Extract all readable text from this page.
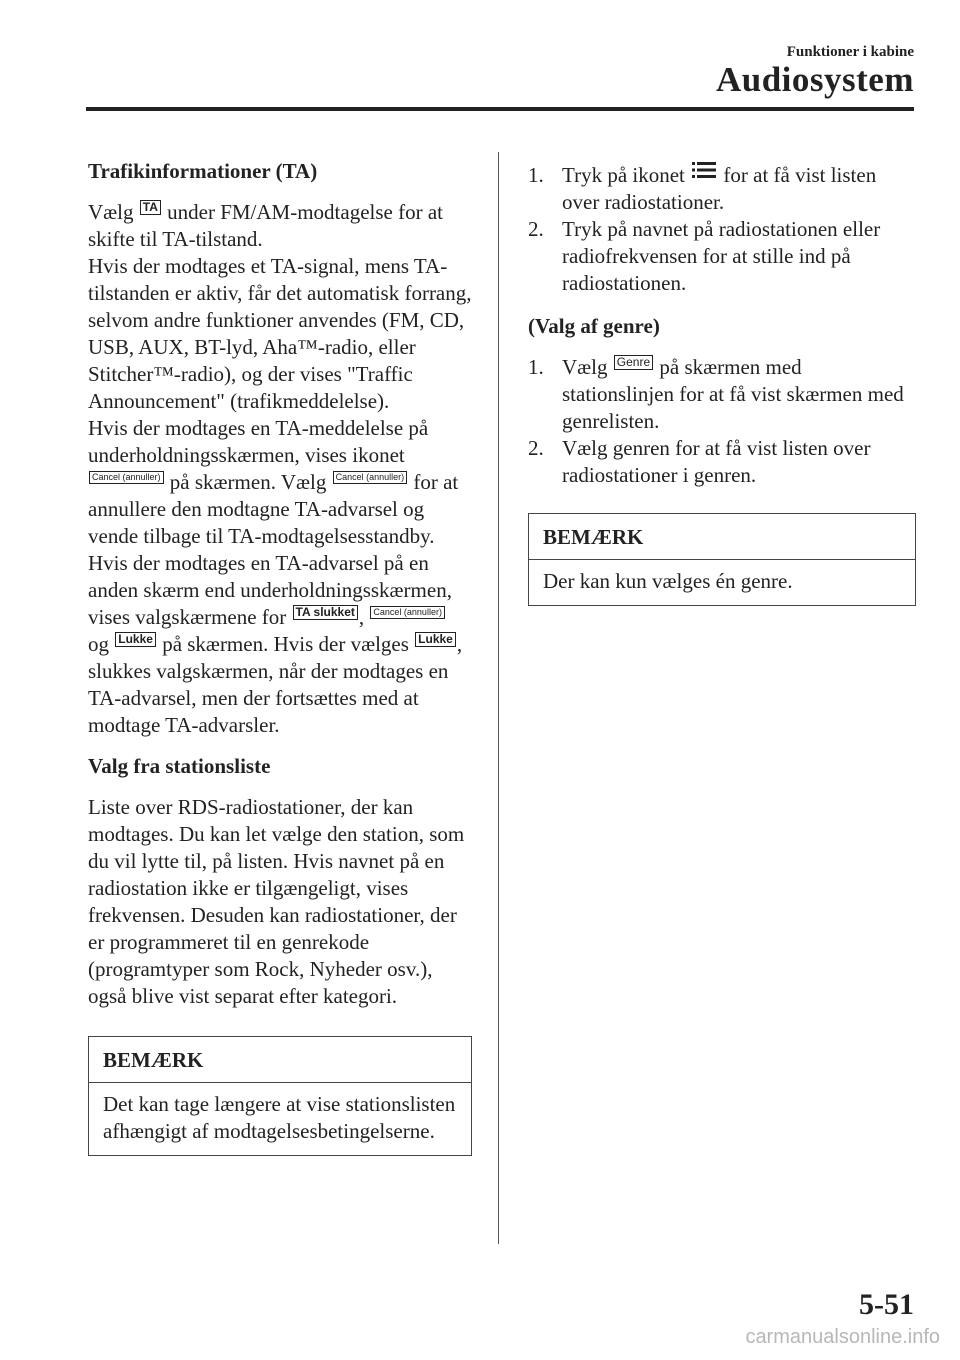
Funktioner i kabine
Audiosystem
Trafikinformationer (TA)

Vælg TA under FM/AM-modtagelse for at skifte til TA-tilstand.

Hvis der modtages et TA-signal, mens TA-tilstanden er aktiv, får det automatisk forrang, selvom andre funktioner anvendes (FM, CD, USB, AUX, BT-lyd, Aha™-radio, eller Stitcher™-radio), og der vises "Traffic Announcement" (trafikmeddelelse).

Hvis der modtages en TA-meddelelse på underholdningsskærmen, vises ikonet Cancel (annuller) på skærmen. Vælg Cancel (annuller) for at annullere den modtagne TA-advarsel og vende tilbage til TA-modtagelsesstandby.

Hvis der modtages en TA-advarsel på en anden skærm end underholdningsskærmen, vises valgskærmene for TA slukket , Cancel (annuller) og Lukke på skærmen. Hvis der vælges Lukke , slukkes valgskærmen, når der modtages en TA-advarsel, men der fortsættes med at modtage TA-advarsler.

Valg fra stationsliste

Liste over RDS-radiostationer, der kan modtages. Du kan let vælge den station, som du vil lytte til, på listen. Hvis navnet på en radiostation ikke er tilgængeligt, vises frekvensen. Desuden kan radiostationer, der er programmeret til en genrekode (programtyper som Rock, Nyheder osv.), også blive vist separat efter kategori.

BEMÆRK
Det kan tage længere at vise stationslisten afhængigt af modtagelsesbetingelserne.
1. Tryk på ikonet for at få vist listen over radiostationer.
2. Tryk på navnet på radiostationen eller radiofrekvensen for at stille ind på radiostationen.
(Valg af genre)
1. Vælg Genre på skærmen med stationslinjen for at få vist skærmen med genrelisten.
2. Vælg genren for at få vist listen over radiostationer i genren.
BEMÆRK
Der kan kun vælges én genre.
5-51
carmanualsonline.info
